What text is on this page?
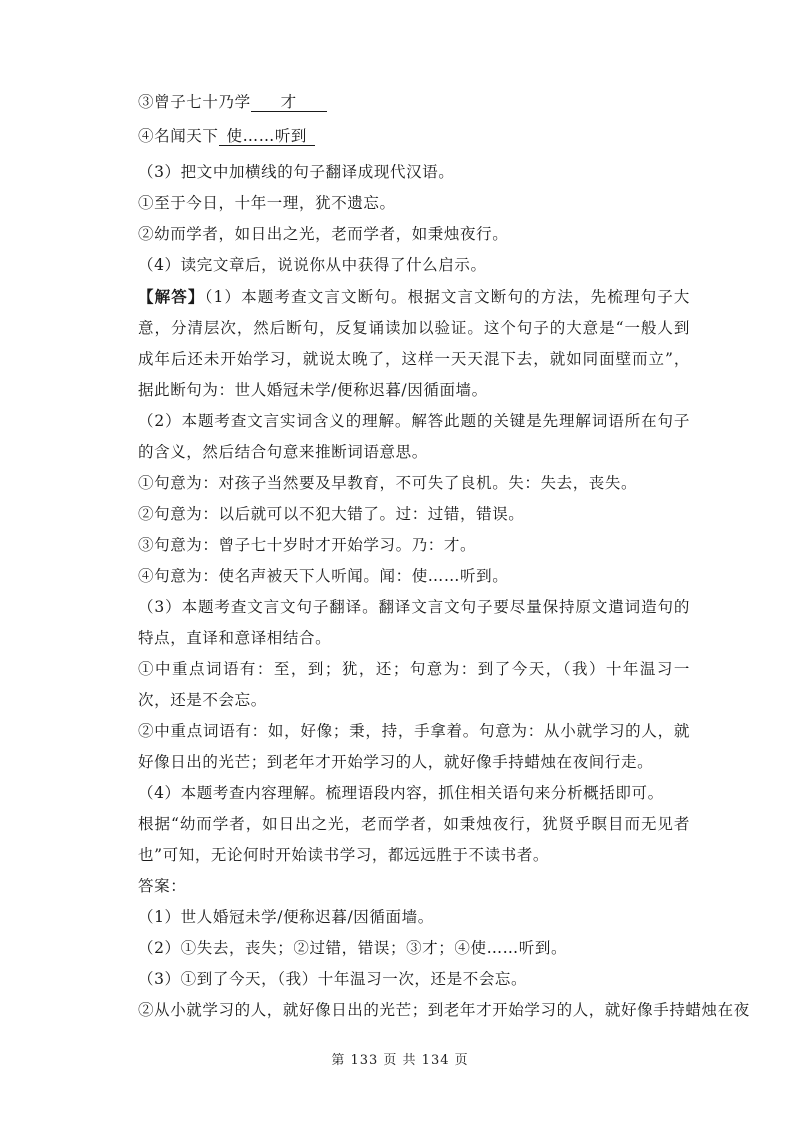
③曾子七十乃学 才
④名闻天下 使……听到
（3）把文中加横线的句子翻译成现代汉语。
①至于今日，十年一理，犹不遗忘。
②幼而学者，如日出之光，老而学者，如秉烛夜行。
（4）读完文章后，说说你从中获得了什么启示。
【解答】（1）本题考查文言文断句。根据文言文断句的方法，先梳理句子大意，分清层次，然后断句，反复诵读加以验证。这个句子的大意是“一般人到成年后还未开始学习，就说太晚了，这样一天天混下去，就如同面壁而立”，据此断句为：世人婚冠未学/便称迟暮/因循面墙。
（2）本题考查文言实词含义的理解。解答此题的关键是先理解词语所在句子的含义，然后结合句意来推断词语意思。
①句意为：对孩子当然要及早教育，不可失了良机。失：失去，丧失。
②句意为：以后就可以不犯大错了。过：过错，错误。
③句意为：曾子七十岁时才开始学习。乃：才。
④句意为：使名声被天下人听闻。闻：使……听到。
（3）本题考查文言文句子翻译。翻译文言文句子要尽量保持原文遣词造句的特点，直译和意译相结合。
①中重点词语有：至，到；犹，还；句意为：到了今天，（我）十年温习一次，还是不会忘。
②中重点词语有：如，好像；秉，持，手拿着。句意为：从小就学习的人，就好像日出的光芒；到老年才开始学习的人，就好像手持蜡烛在夜间行走。
（4）本题考查内容理解。梳理语段内容，抓住相关语句来分析概括即可。
根据“幼而学者，如日出之光，老而学者，如秉烛夜行，犹贤乎瞑目而无见者也”可知，无论何时开始读书学习，都远远胜于不读书者。
答案：
（1）世人婚冠未学/便称迟暮/因循面墙。
（2）①失去，丧失；②过错，错误；③才；④使……听到。
（3）①到了今天，（我）十年温习一次，还是不会忘。
②从小就学习的人，就好像日出的光芒；到老年才开始学习的人，就好像手持蜡烛在夜
第 133 页 共 134 页
